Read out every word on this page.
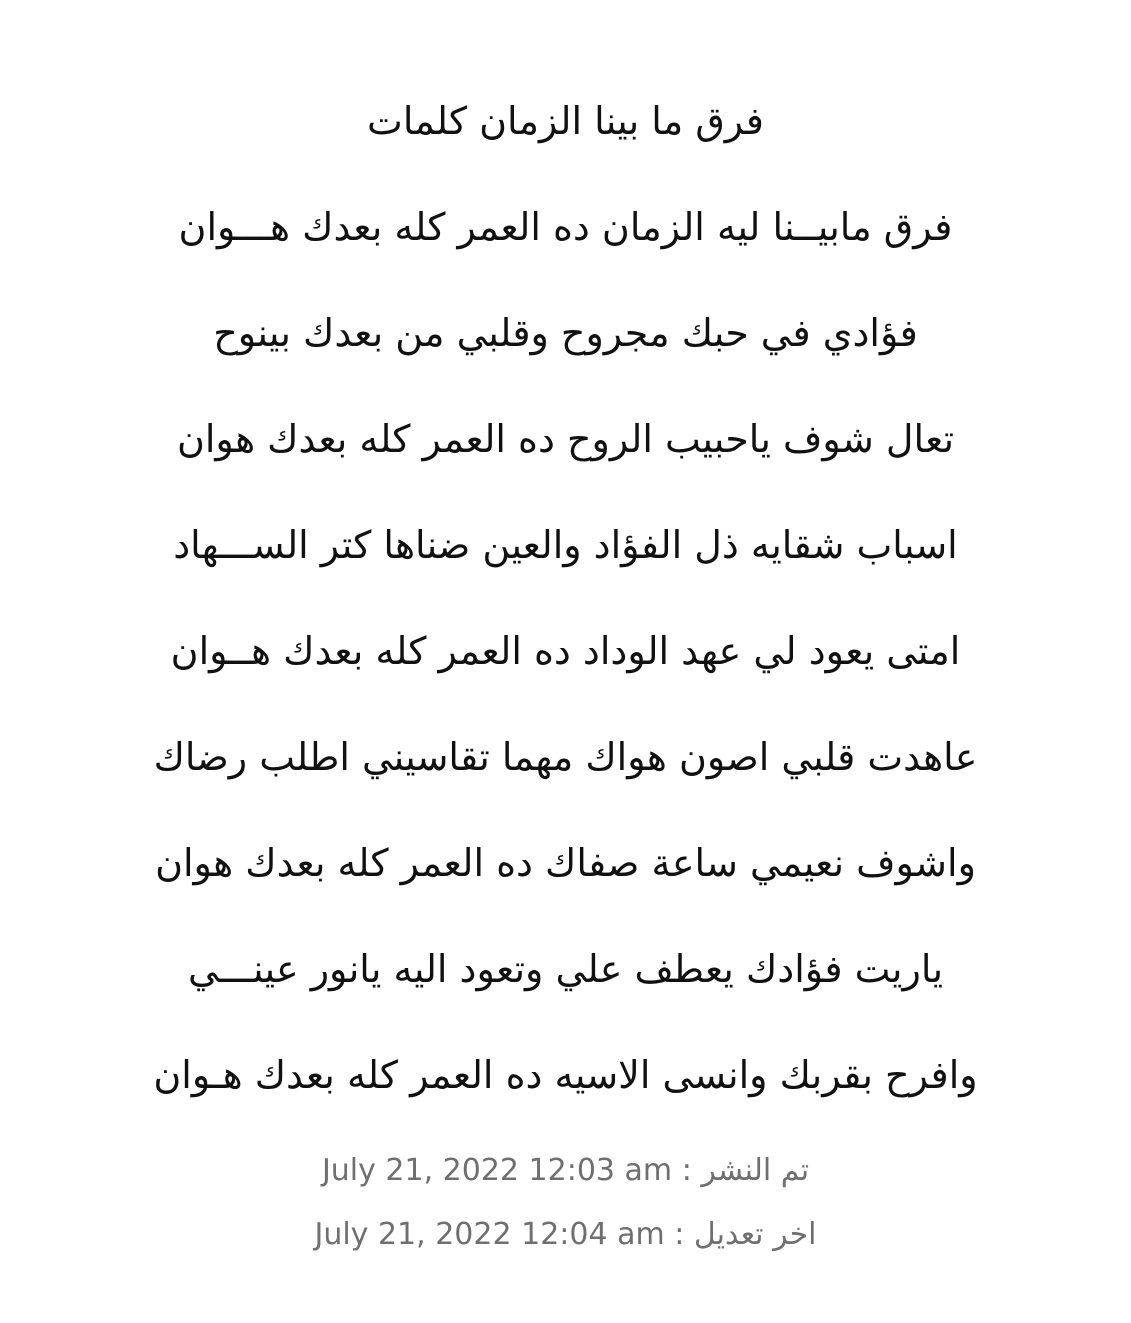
فرق ما بينا الزمان كلمات
فرق مابيــنا ليه الزمان ده العمر كله بعدك هـــوان
فؤادي في حبك مجروح وقلبي من بعدك بينوح
تعال شوف ياحبيب الروح ده العمر كله بعدك هوان
اسباب شقايه ذل الفؤاد والعين ضناها كتر الســـهاد
امتى يعود لي عهد الوداد ده العمر كله بعدك هــوان
عاهدت قلبي اصون هواك مهما تقاسيني اطلب رضاك
واشوف نعيمي ساعة صفاك ده العمر كله بعدك هوان
ياريت فؤادك يعطف علي وتعود اليه يانور عينـــي
وافرح بقربك وانسى الاسيه ده العمر كله بعدك هـوان
تم النشر : July 21, 2022 12:03 am
اخر تعديل : July 21, 2022 12:04 am
